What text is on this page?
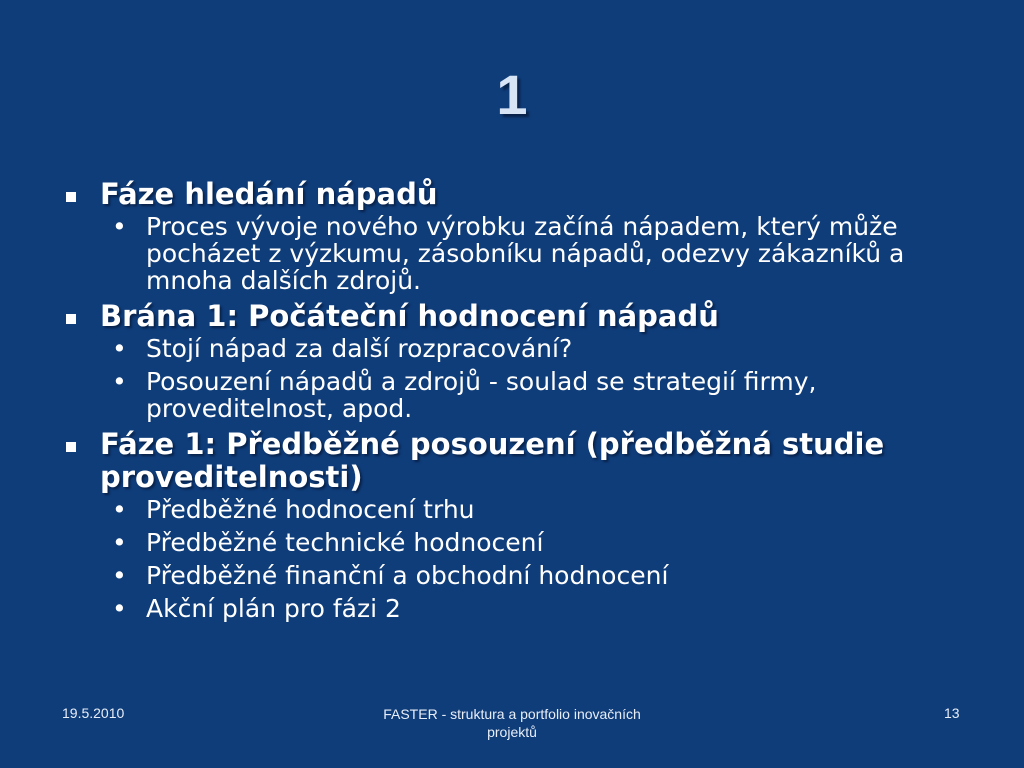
1
Fáze hledání nápadů
• Proces vývoje nového výrobku začíná nápadem, který může pocházet z výzkumu, zásobníku nápadů, odezvy zákazníků a mnoha dalších zdrojů.
Brána 1: Počáteční hodnocení nápadů
• Stojí nápad za další rozpracování?
• Posouzení nápadů a zdrojů - soulad se strategií firmy, proveditelnost, apod.
Fáze 1: Předběžné posouzení (předběžná studie proveditelnosti)
• Předběžné hodnocení trhu
• Předběžné technické hodnocení
• Předběžné finanční a obchodní hodnocení
• Akční plán pro fázi 2
19.5.2010	FASTER - struktura a portfolio inovačních projektů
13
